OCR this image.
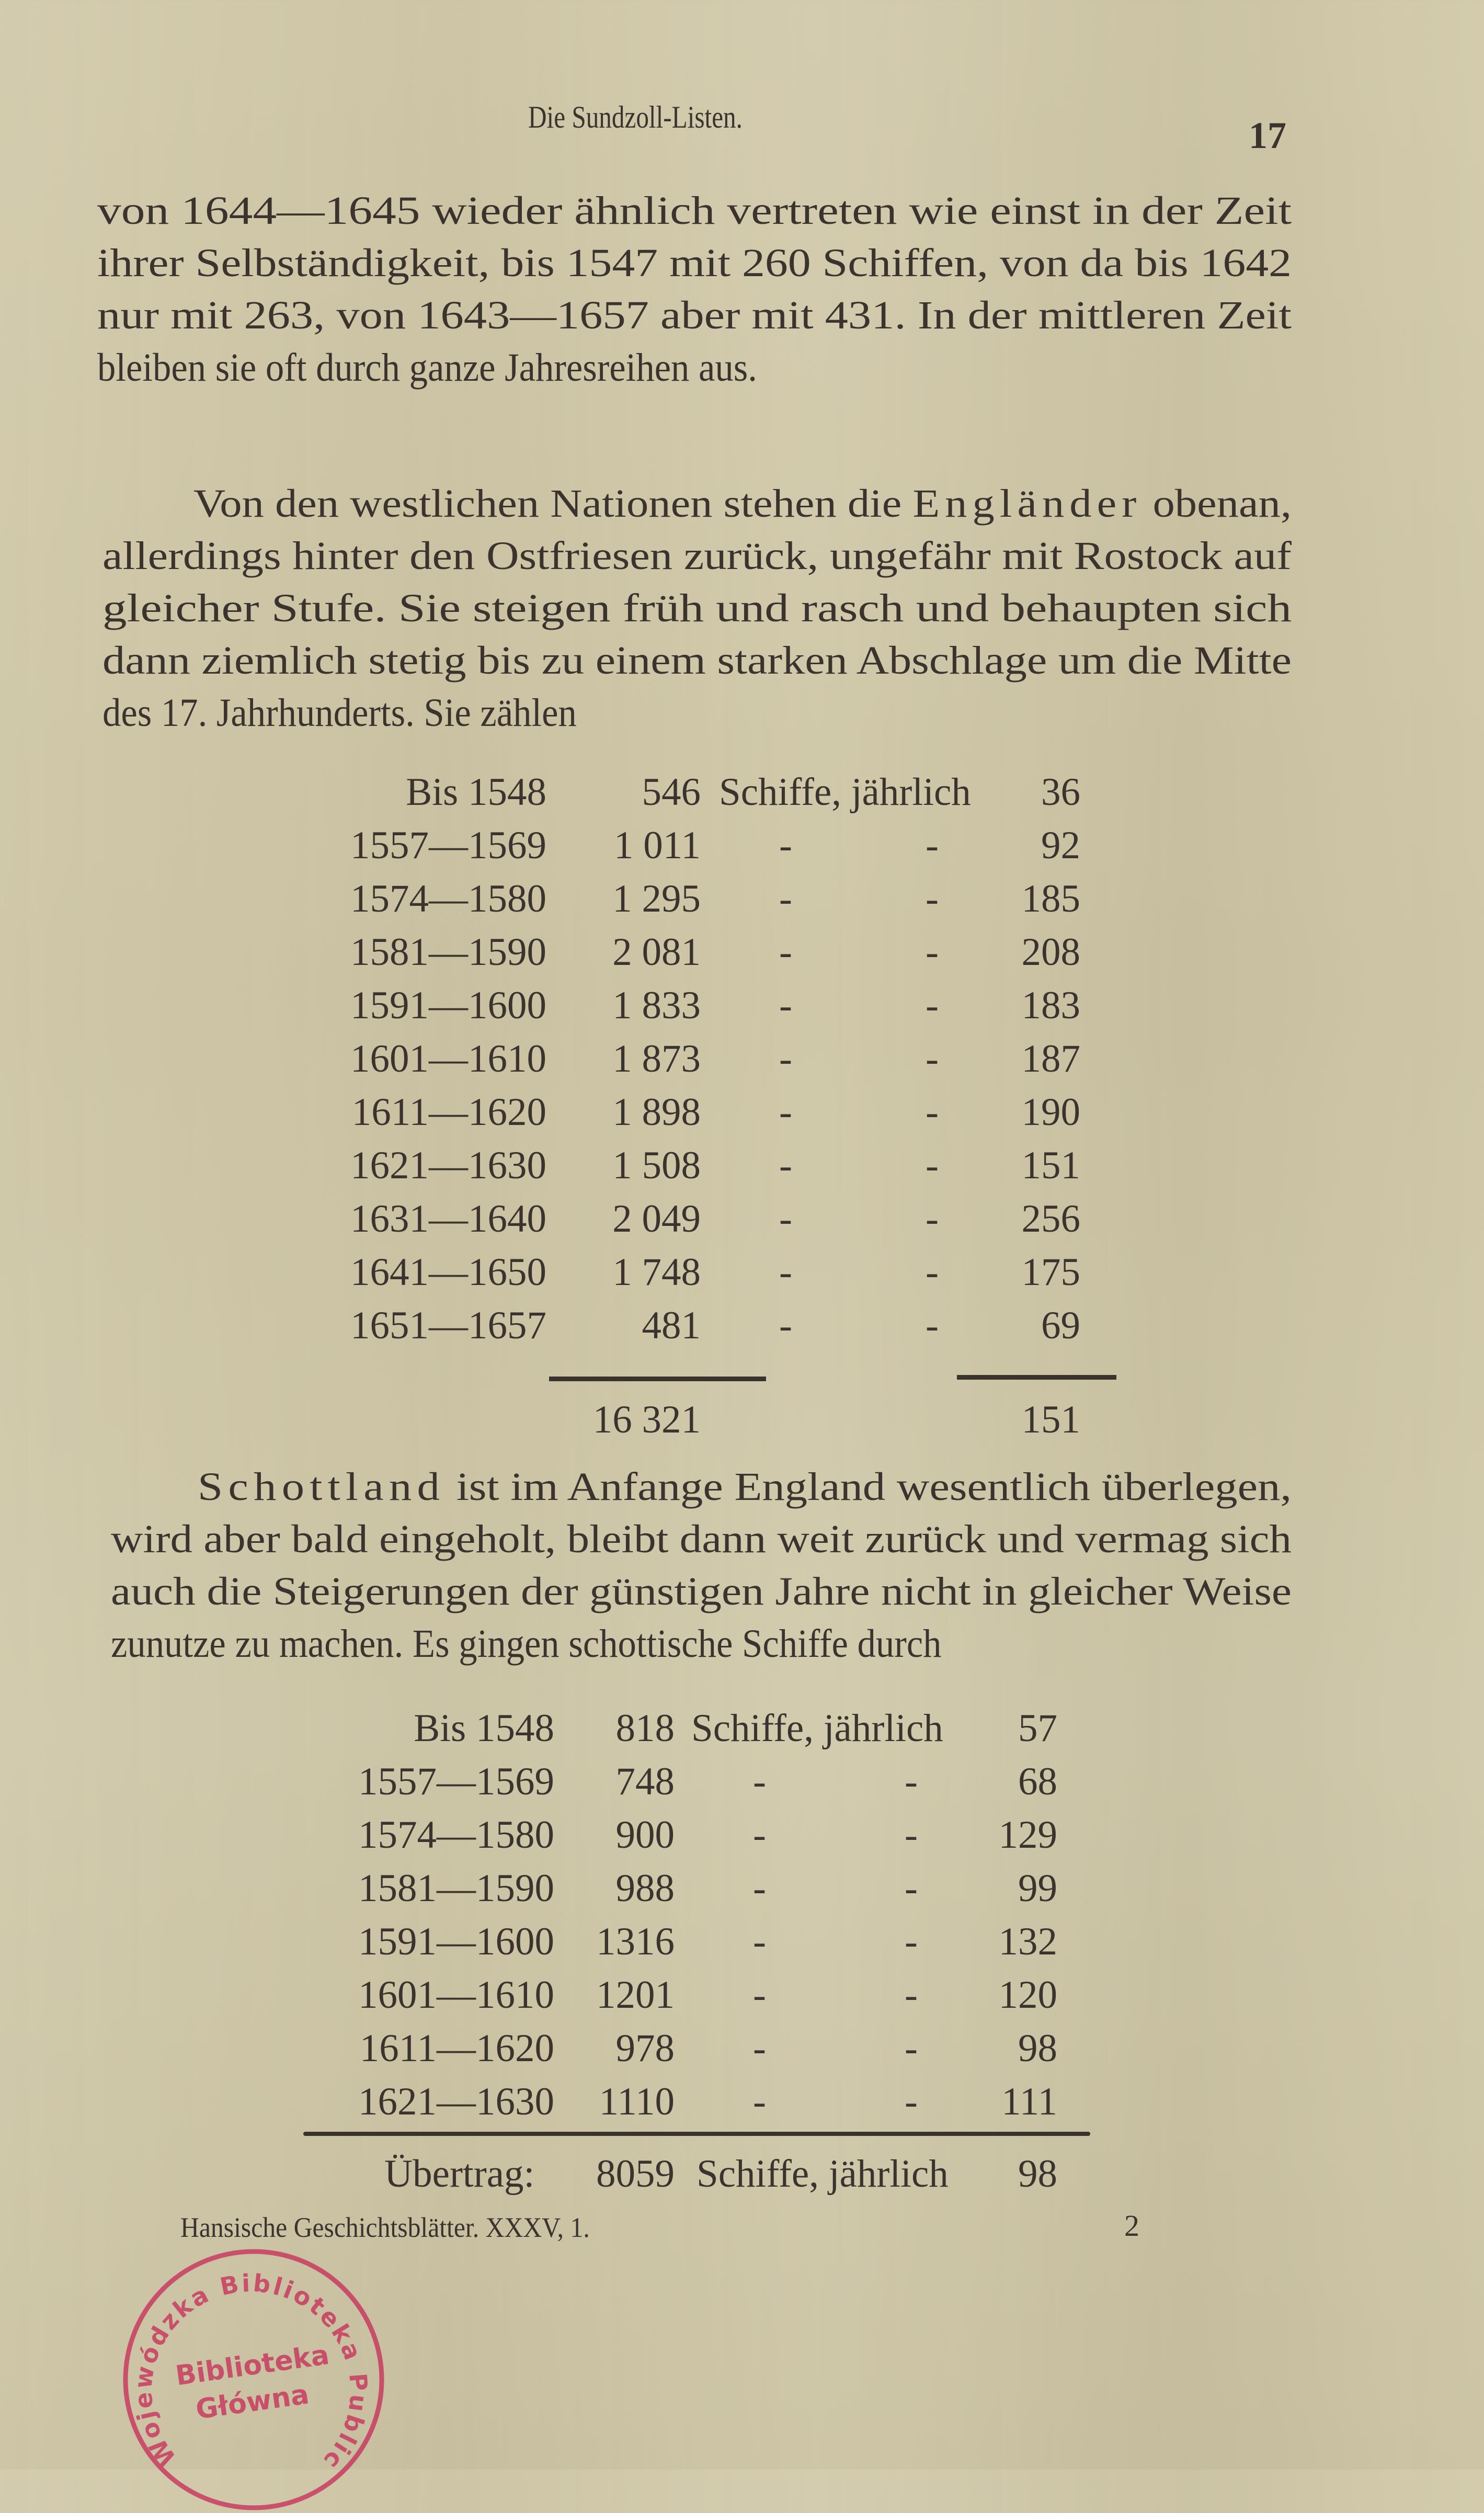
Die Sundzoll-Listen.	17
von 1644—1645 wieder ähnlich vertreten wie einst in der Zeit
ihrer Selbständigkeit, bis 1547 mit 260 Schiffen, von da bis 1642
nur mit 263, von 1643—1657 aber mit 431. In der mittleren Zeit
bleiben sie oft durch ganze Jahresreihen aus.
Von den westlichen Nationen stehen die Engländer obenan,
allerdings hinter den Ostfriesen zurück, ungefähr mit Rostock auf
gleicher Stufe. Sie steigen früh und rasch und behaupten sich
dann ziemlich stetig bis zu einem starken Abschlage um die Mitte
des 17. Jahrhunderts. Sie zählen
Bis 1548	546 Schiffe, jährlich	36
1557—1569	1 011 -	-	92
1574—1580	1 295 -	-	185
1581—1590	2 081 -	-	208
1591—1600	1 833 -	-	183
1601—1610	1 873 -	-	187
1611—1620	1 898 -	-	190
1621—1630	1 508 -	-	151
1631—1640	2 049 -	-	256
1641—1650	1 748 -	-	175
1651—1657	481 -	-	69
16 321	151
Schottland ist im Anfange England wesentlich überlegen,
wird aber bald eingeholt, bleibt dann weit zurück und vermag sich
auch die Steigerungen der günstigen Jahre nicht in gleicher Weise
zunutze zu machen. Es gingen schottische Schiffe durch
Bis 1548	818 Schiffe, jährlich	57
1557—1569	748 -	-	68
1574—1580	900 -	-	129
1581—1590	988 -	-	99
1591—1600	1316 -	-	132
1601—1610	1201 -	-	120
1611—1620	978 -	-	98
1621—1630	1110 -	-	111
Übertrag: 8059 Schiffe, jährlich	98
Hansische Geschichtsblätter. XXXV, 1.	2
Wojewódzka Biblioteka Public
Biblioteka
Główna
